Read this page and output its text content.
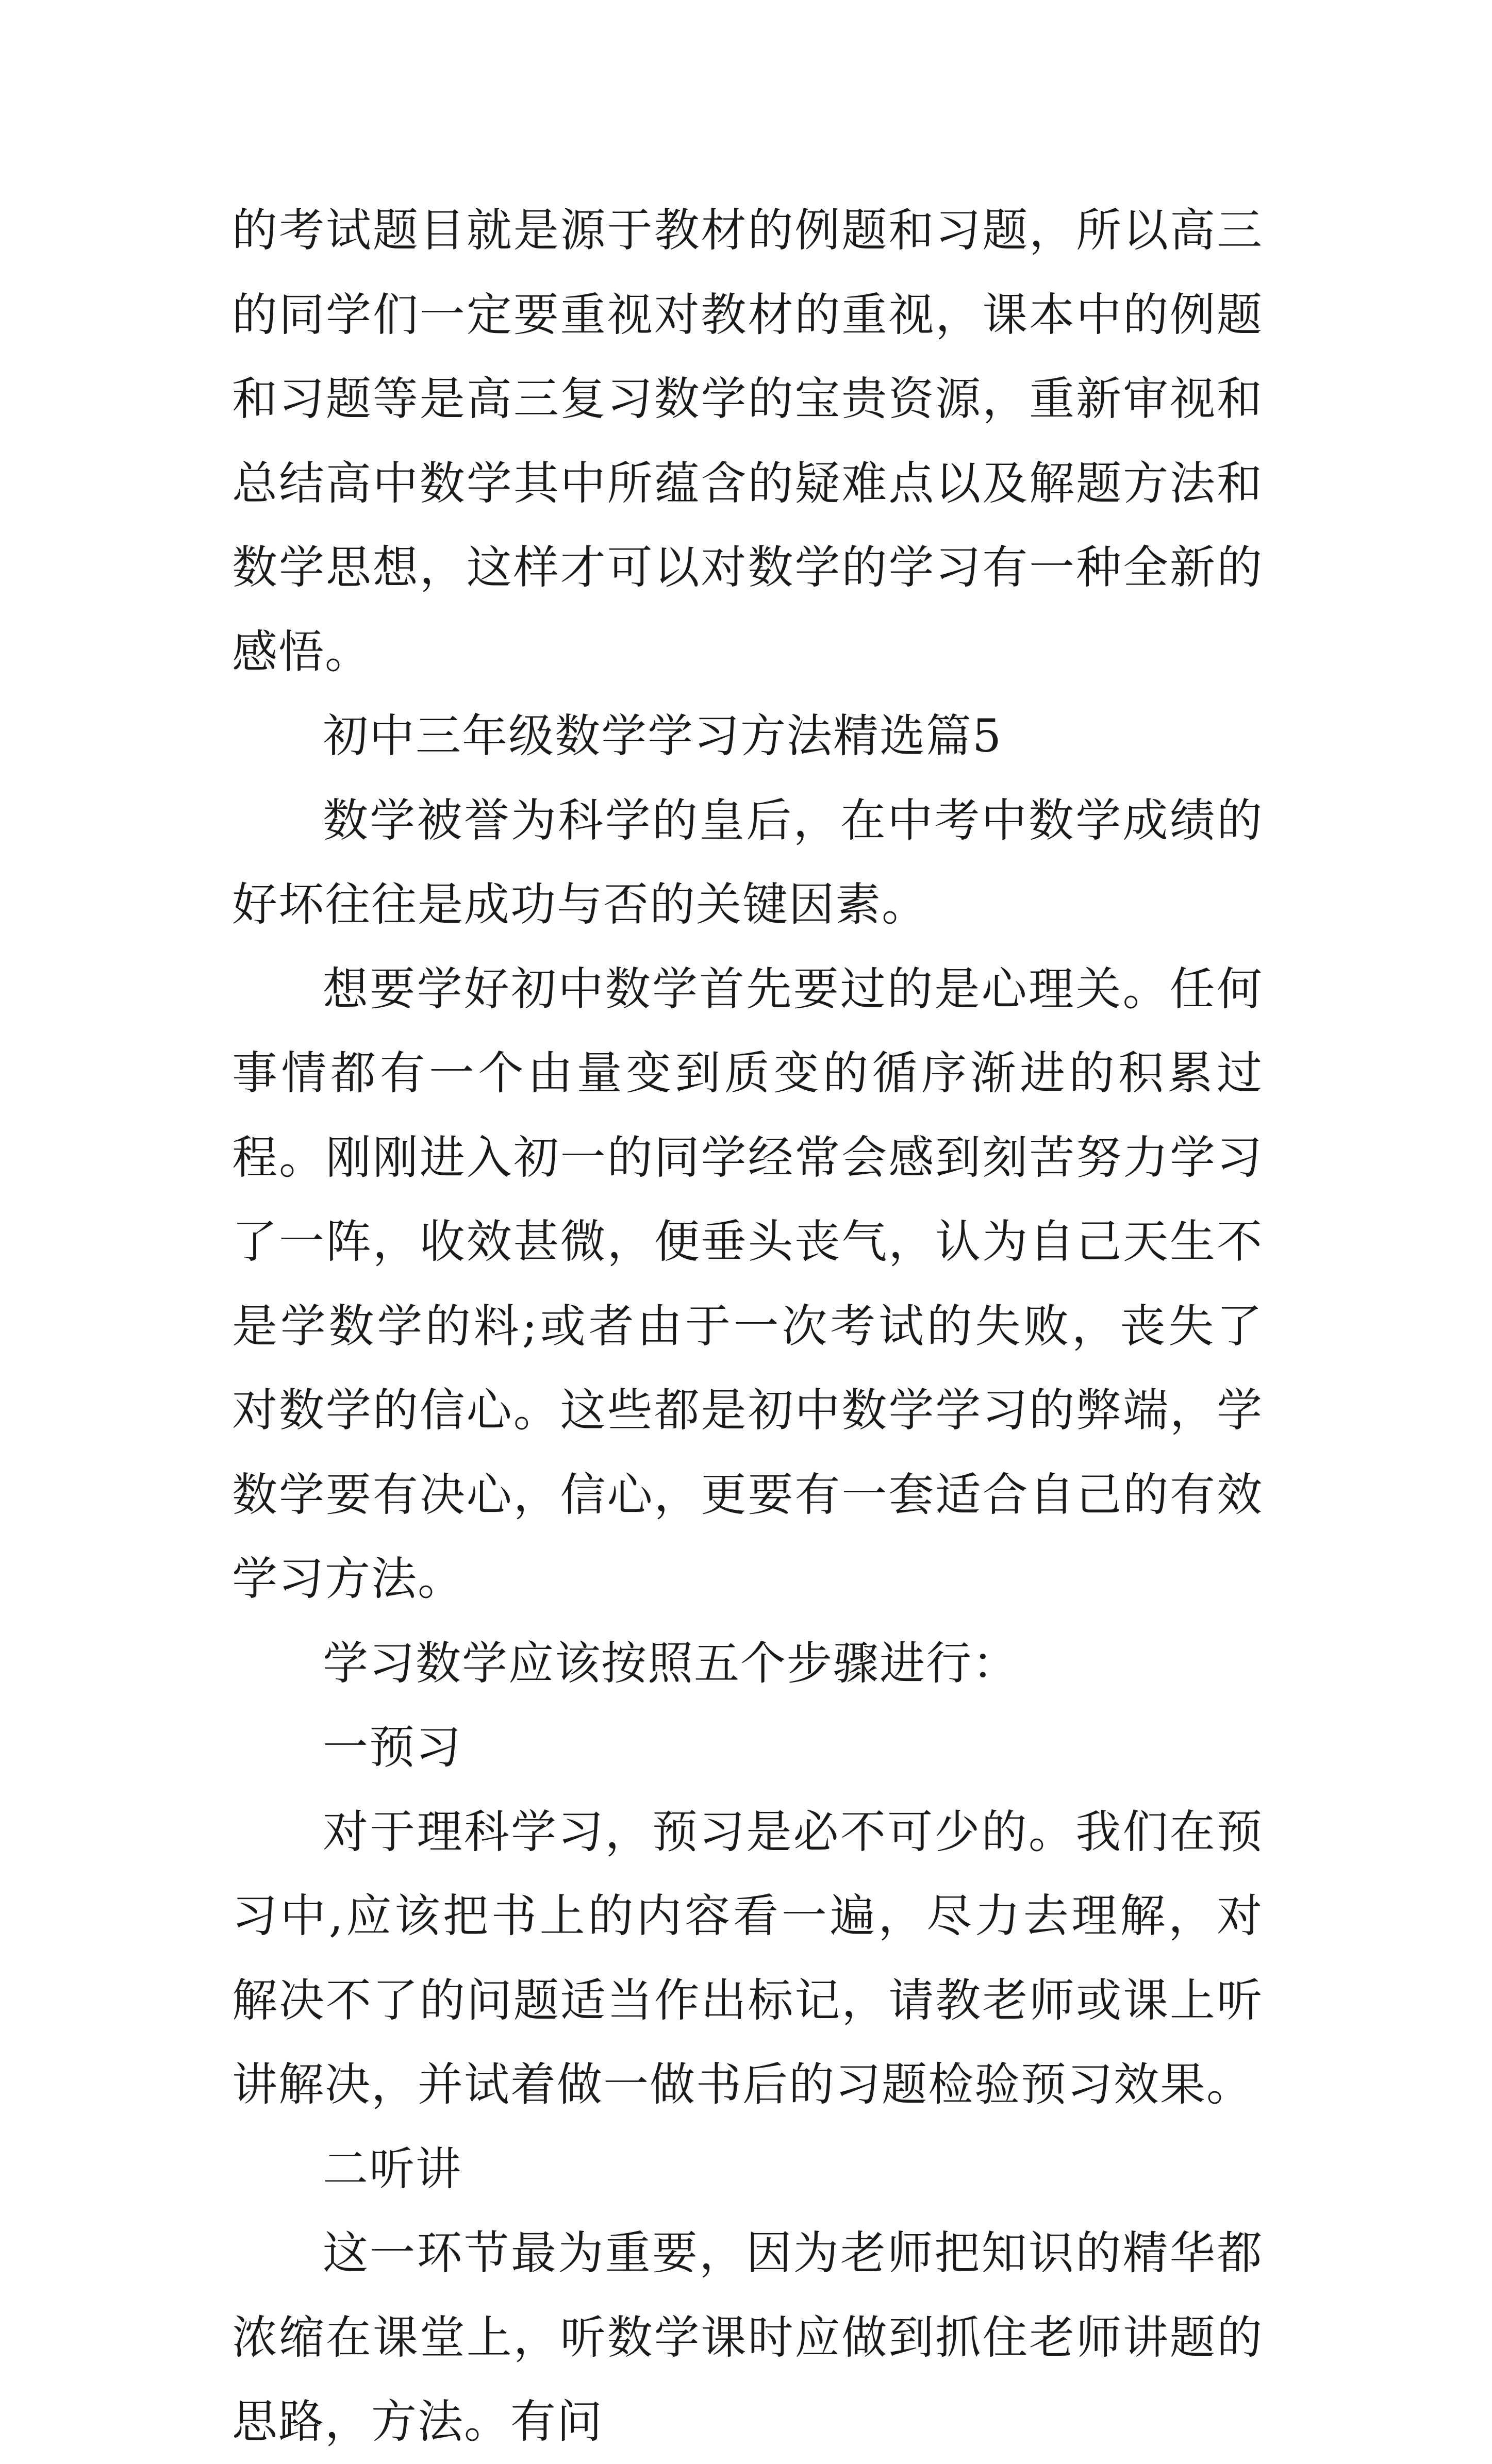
的考试题目就是源于教材的例题和习题，所以高三的同学们一定要重视对教材的重视，课本中的例题和习题等是高三复习数学的宝贵资源，重新审视和总结高中数学其中所蕴含的疑难点以及解题方法和数学思想，这样才可以对数学的学习有一种全新的感悟。

初中三年级数学学习方法精选篇5

数学被誉为科学的皇后，在中考中数学成绩的好坏往往是成功与否的关键因素。

想要学好初中数学首先要过的是心理关。任何事情都有一个由量变到质变的循序渐进的积累过程。刚刚进入初一的同学经常会感到刻苦努力学习了一阵，收效甚微，便垂头丧气，认为自己天生不是学数学的料;或者由于一次考试的失败，丧失了对数学的信心。这些都是初中数学学习的弊端，学数学要有决心，信心，更要有一套适合自己的有效学习方法。

学习数学应该按照五个步骤进行：

一预习

对于理科学习，预习是必不可少的。我们在预习中,应该把书上的内容看一遍，尽力去理解，对解决不了的问题适当作出标记，请教老师或课上听讲解决，并试着做一做书后的习题检验预习效果。

二听讲

这一环节最为重要，因为老师把知识的精华都浓缩在课堂上，听数学课时应做到抓住老师讲题的思路，方法。有问
